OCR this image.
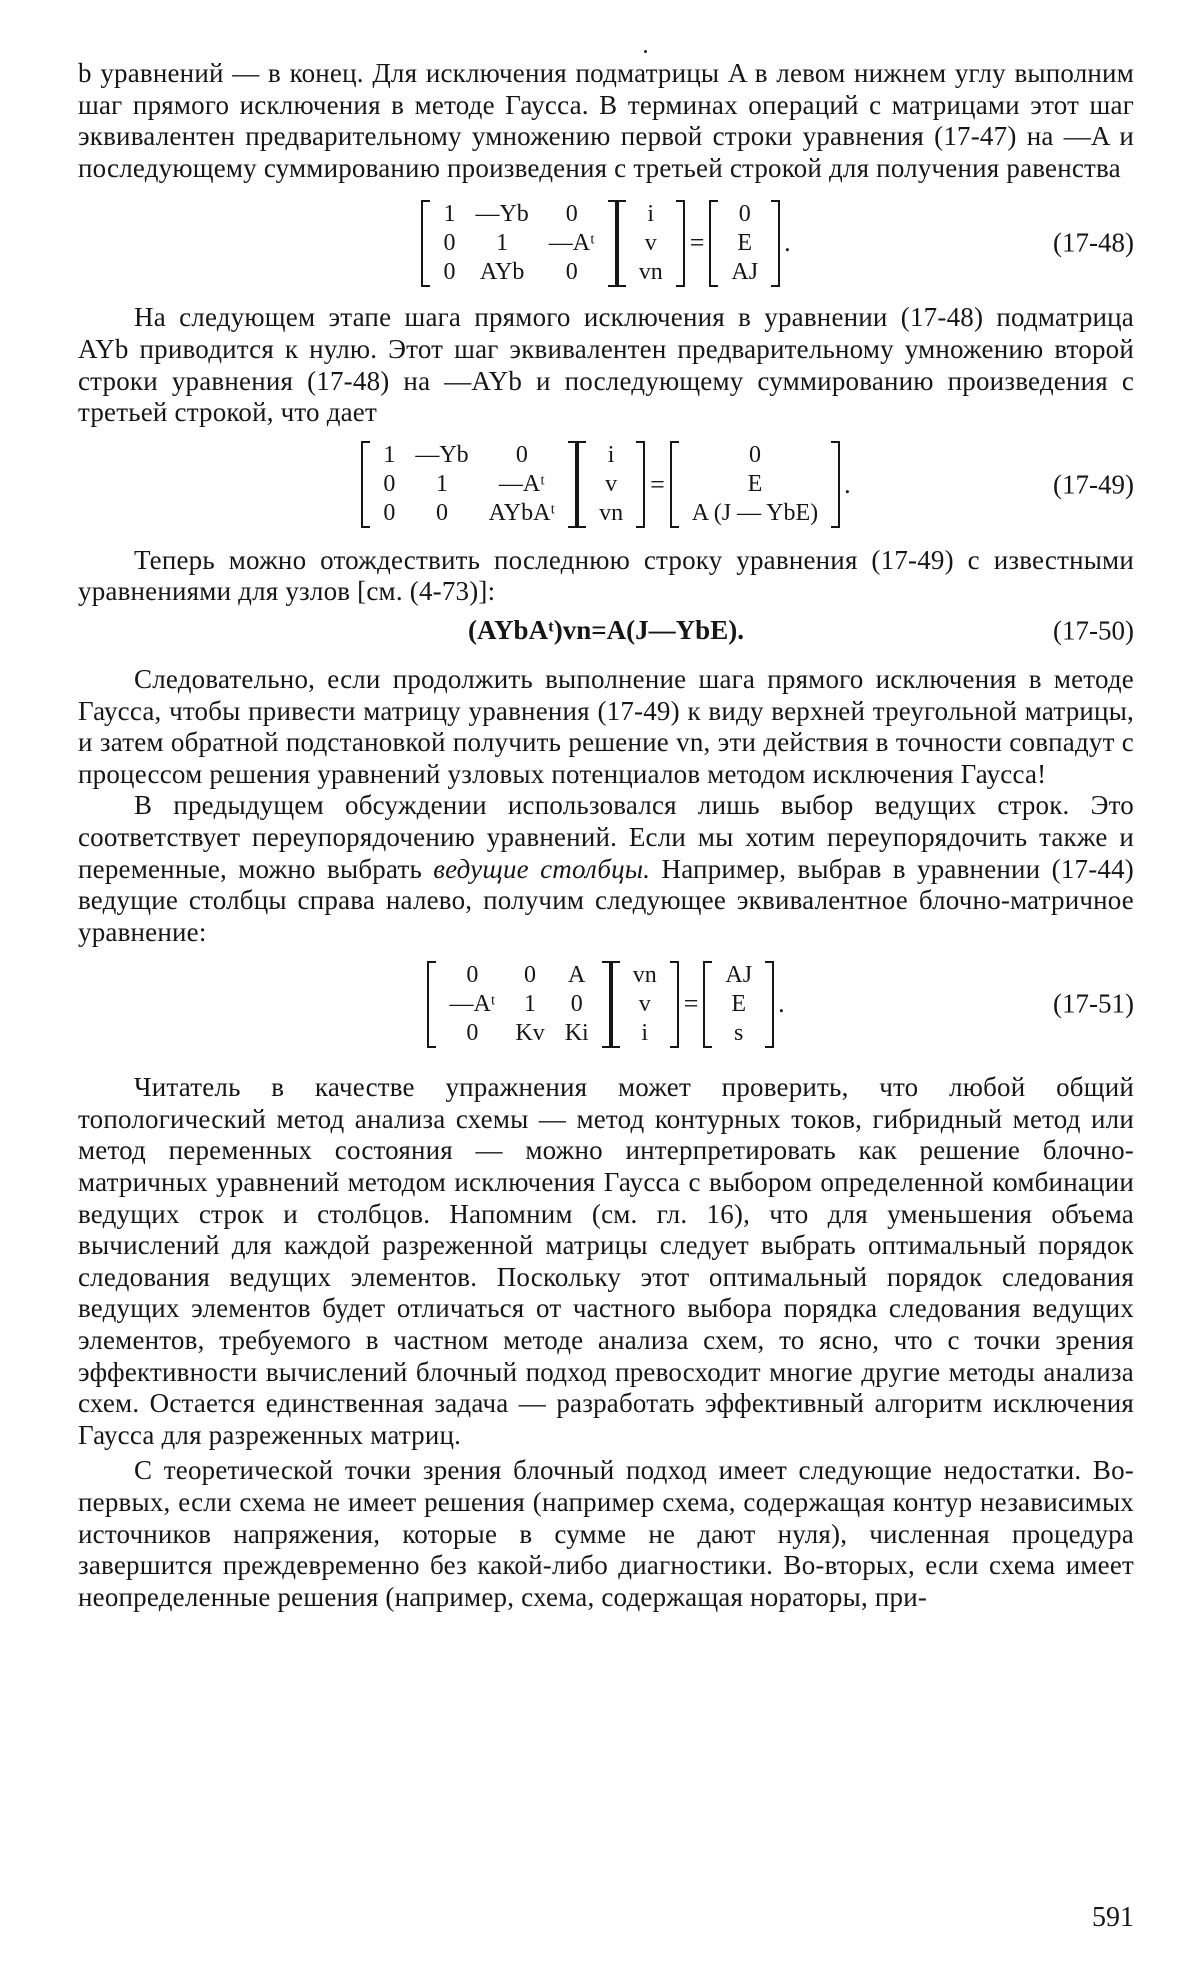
b уравнений — в конец. Для исключения подматрицы A в левом нижнем углу выполним шаг прямого исключения в методе Гаусса. В терминах операций с матрицами этот шаг эквивалентен предварительному умножению первой строки уравнения (17-47) на —A и последующему суммированию произведения с третьей строкой для получения равенства

1 —Yb	0
0	1	—Aᵗ
0	AYb	0
i
v
vn
=
0
E
AJ
.	(17-48)

На следующем этапе шага прямого исключения в уравнении (17-48) подматрица AYb приводится к нулю. Этот шаг эквивалентен предварительному умножению второй строки уравнения (17-48) на —AYb и последующему суммированию произведения с третьей строкой, что дает

1 —Yb	0
0	1	—Aᵗ
0	0	AYbAᵗ
i
v
vn
=
0
E
A (J — YbE)
.	(17-49)

Теперь можно отождествить последнюю строку уравнения (17-49) с известными уравнениями для узлов [см. (4-73)]:

(AYbAᵗ)vn=A(J—YbE).	(17-50)

Следовательно, если продолжить выполнение шага прямого исключения в методе Гаусса, чтобы привести матрицу уравнения (17-49) к виду верхней треугольной матрицы, и затем обратной подстановкой получить решение vn, эти действия в точности совпадут с процессом решения уравнений узловых потенциалов методом исключения Гаусса!

В предыдущем обсуждении использовался лишь выбор ведущих строк. Это соответствует переупорядочению уравнений. Если мы хотим переупорядочить также и переменные, можно выбрать ведущие столбцы. Например, выбрав в уравнении (17-44) ведущие столбцы справа налево, получим следующее эквивалентное блочно-матричное уравнение:

0	0	A
—Aᵗ	1	0
0	Kv Ki
vn
v
i
=
AJ
E
s
.	(17-51)

Читатель в качестве упражнения может проверить, что любой общий топологический метод анализа схемы — метод контурных токов, гибридный метод или метод переменных состояния — можно интерпретировать как решение блочно-матричных уравнений методом исключения Гаусса с выбором определенной комбинации ведущих строк и столбцов. Напомним (см. гл. 16), что для уменьшения объема вычислений для каждой разреженной матрицы следует выбрать оптимальный порядок следования ведущих элементов. Поскольку этот оптимальный порядок следования ведущих элементов будет отличаться от частного выбора порядка следования ведущих элементов, требуемого в частном методе анализа схем, то ясно, что с точки зрения эффективности вычислений блочный подход превосходит многие другие методы анализа схем. Остается единственная задача — разработать эффективный алгоритм исключения Гаусса для разреженных матриц.

С теоретической точки зрения блочный подход имеет следующие недостатки. Во-первых, если схема не имеет решения (например схема, содержащая контур независимых источников напряжения, которые в сумме не дают нуля), численная процедура завершится преждевременно без какой-либо диагностики. Во-вторых, если схема имеет неопределенные решения (например, схема, содержащая нораторы, при-

591
